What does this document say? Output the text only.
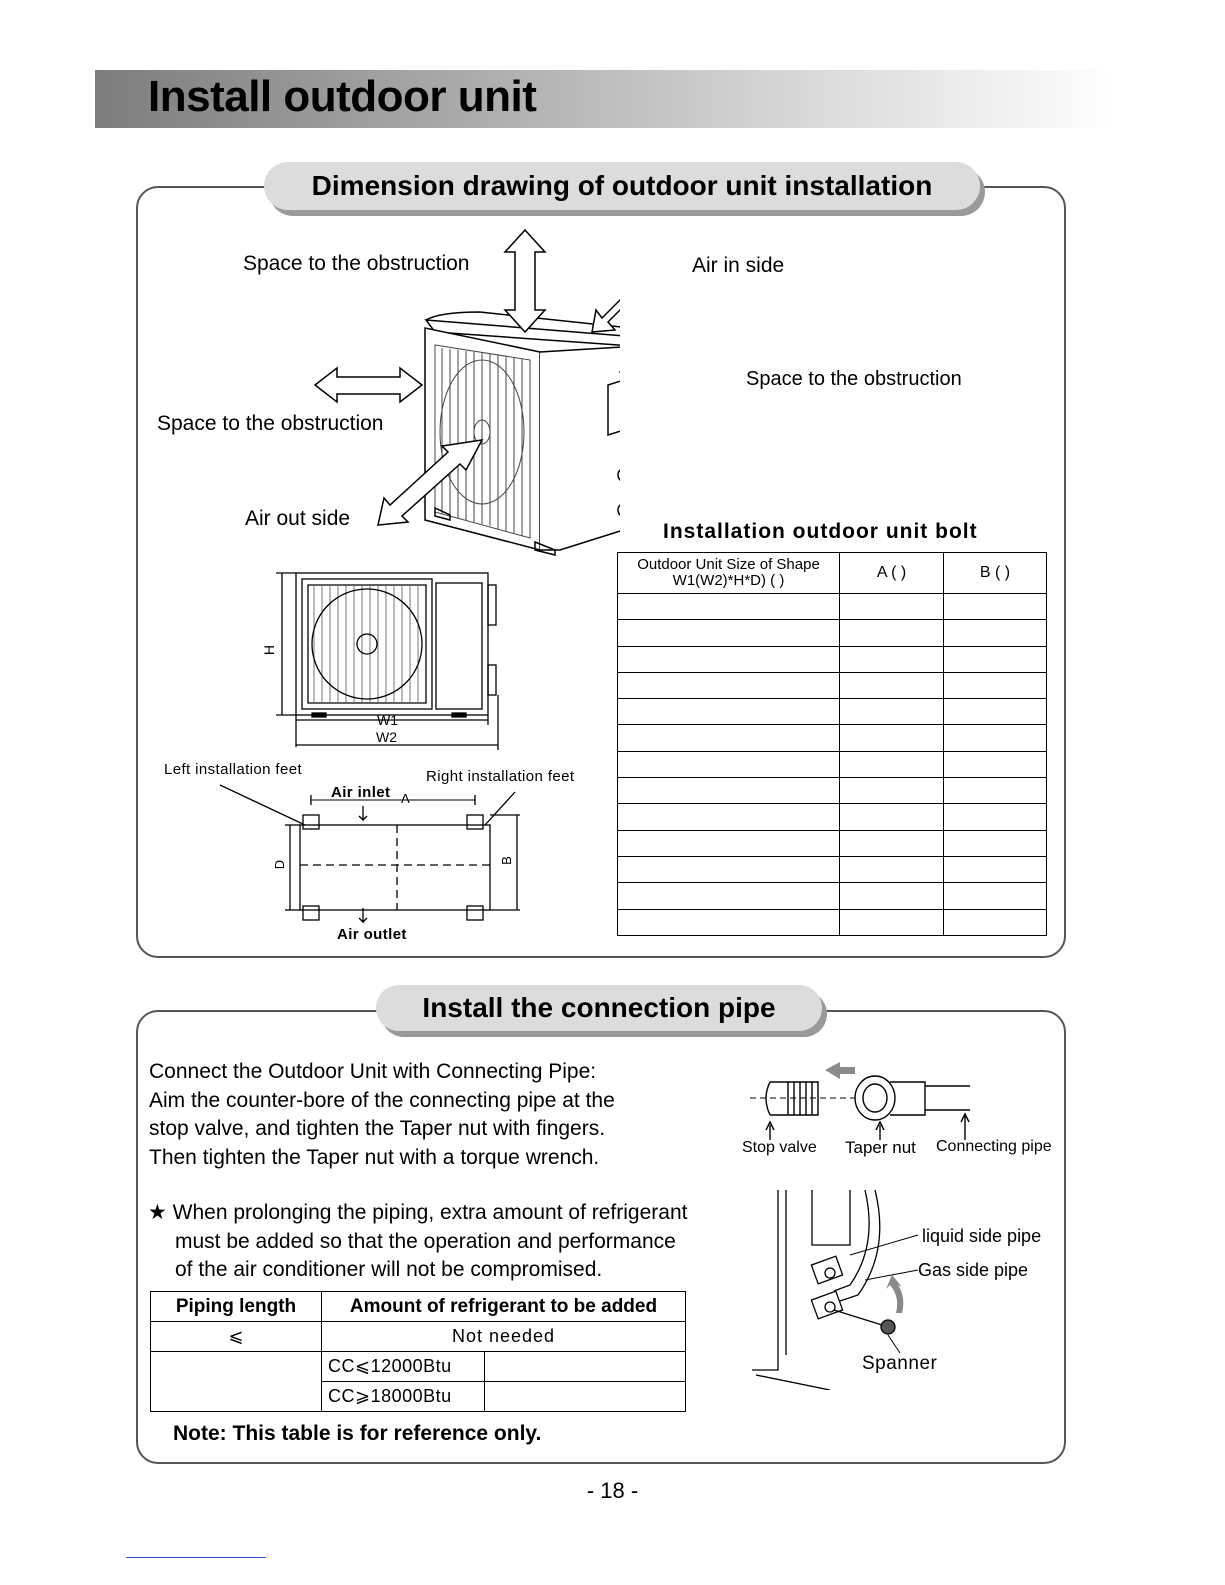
Install outdoor unit
Dimension drawing of outdoor unit installation
Space to the obstruction	Air in side
Space to the obstruction
Space to the obstruction
Air out side
H
W1
W2
Left installation feet	Right installation feet
Air inlet A
D	B
Air outlet
Installation outdoor unit bolt
Outdoor Unit Size of Shape
W1(W2)*H*D) ( )	A ( )	B ( )

Install the connection pipe
Connect the Outdoor Unit with Connecting Pipe:
Aim the counter-bore of the connecting pipe at the
stop valve, and tighten the Taper nut with fingers.
Then tighten the Taper nut with a torque wrench.
★ When prolonging the piping, extra amount of refrigerant
must be added so that the operation and performance
of the air conditioner will not be compromised.
Stop valve Taper nut Connecting pipe
liquid side pipe
Gas side pipe
Spanner
Piping length	Amount of refrigerant to be added	
⩽	Not needed	
	CC⩽12000Btu	
	CC⩾18000Btu	
Note: This table is for reference only.
- 18 -
